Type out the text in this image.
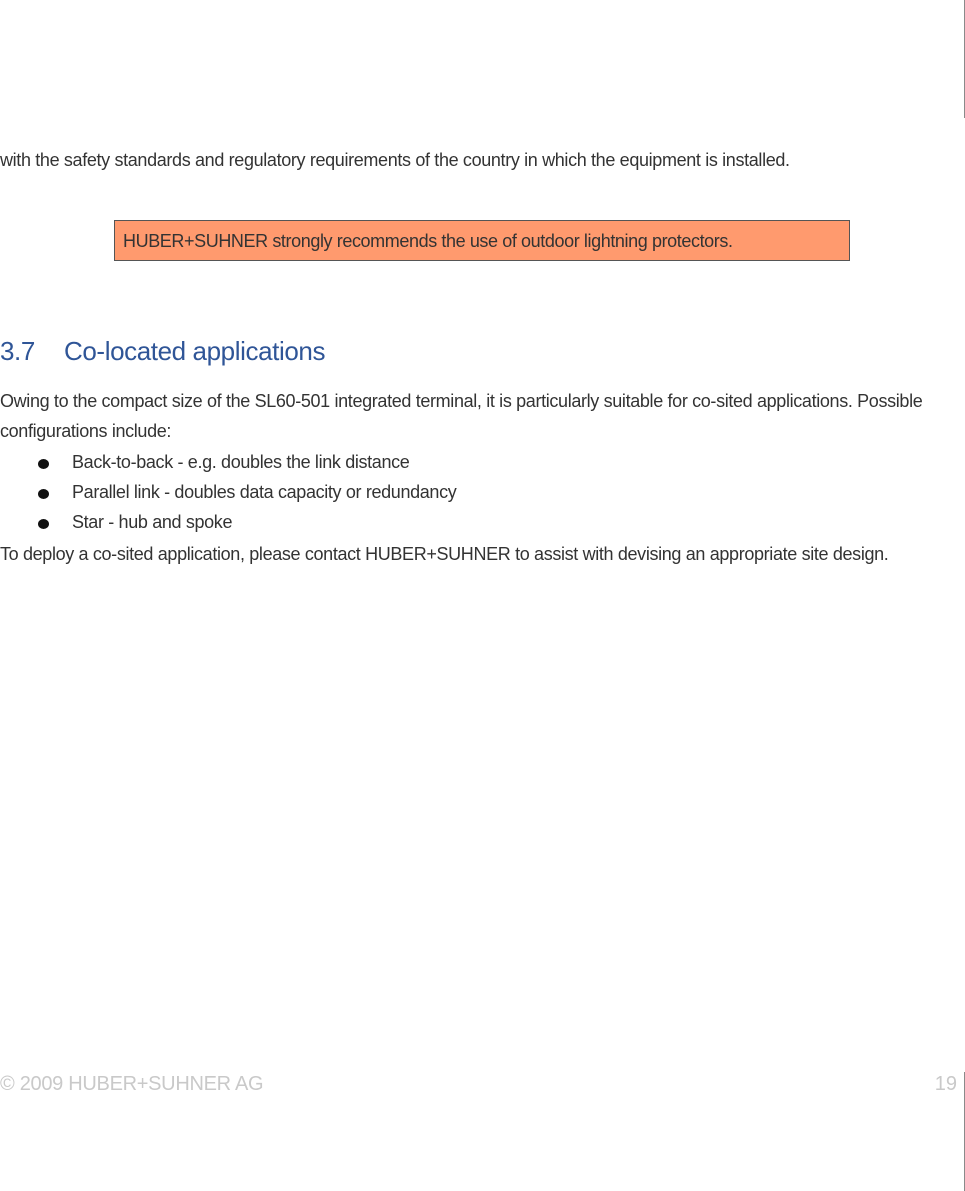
with the safety standards and regulatory requirements of the country in which the equipment is installed.

HUBER+SUHNER strongly recommends the use of outdoor lightning protectors.
3.7 Co-located applications

Owing to the compact size of the SL60-501 integrated terminal, it is particularly suitable for co-sited applications. Possible configurations include:

Back-to-back - e.g. doubles the link distance
Parallel link - doubles data capacity or redundancy
Star - hub and spoke

To deploy a co-sited application, please contact HUBER+SUHNER to assist with devising an appropriate site design.

© 2009 HUBER+SUHNER AG	19
